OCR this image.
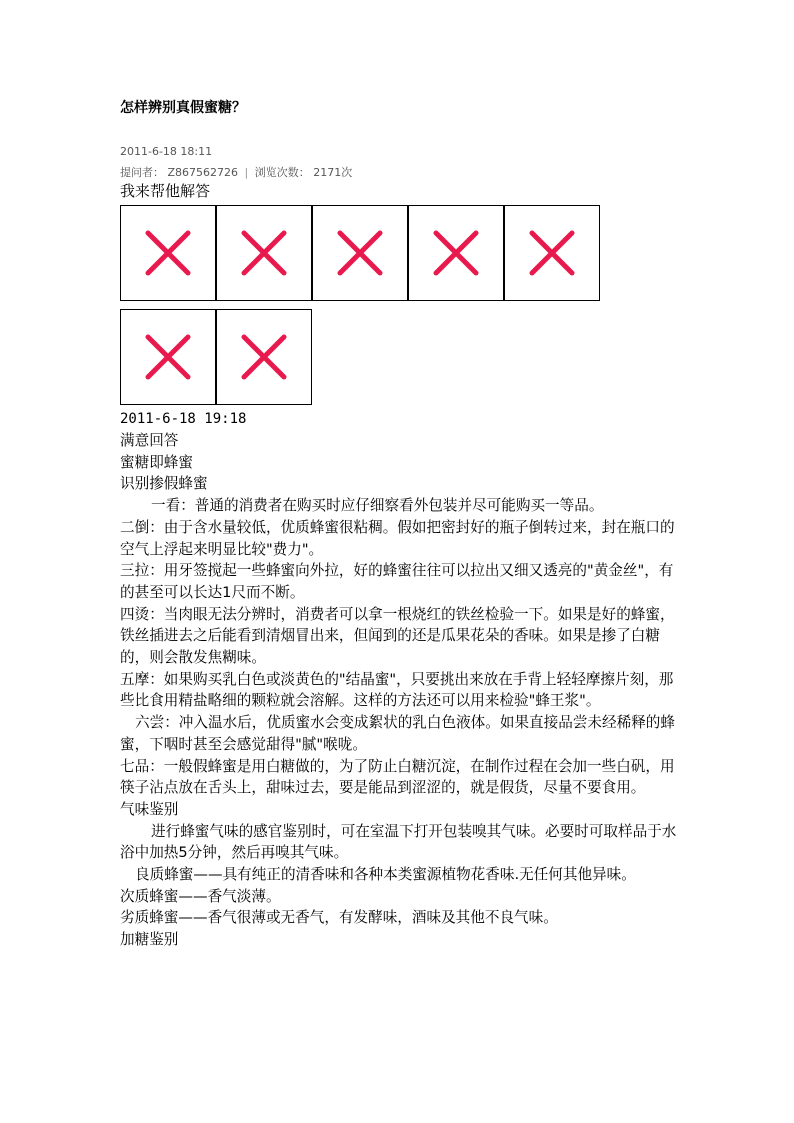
怎样辨别真假蜜糖？
2011-6-18 18:11
提问者： Z867562726 | 浏览次数： 2171次
我来帮他解答
2011-6-18 19:18

满意回答

蜜糖即蜂蜜

识别掺假蜂蜜

一看：普通的消费者在购买时应仔细察看外包装并尽可能购买一等品。

二倒：由于含水量较低，优质蜂蜜很粘稠。假如把密封好的瓶子倒转过来，封在瓶口的空气上浮起来明显比较"费力"。

三拉：用牙签搅起一些蜂蜜向外拉，好的蜂蜜往往可以拉出又细又透亮的"黄金丝"，有的甚至可以长达1尺而不断。

四烫：当肉眼无法分辨时，消费者可以拿一根烧红的铁丝检验一下。如果是好的蜂蜜，铁丝插进去之后能看到清烟冒出来，但闻到的还是瓜果花朵的香味。如果是掺了白糖的，则会散发焦糊味。

五摩：如果购买乳白色或淡黄色的"结晶蜜"，只要挑出来放在手背上轻轻摩擦片刻，那些比食用精盐略细的颗粒就会溶解。这样的方法还可以用来检验"蜂王浆"。

六尝：冲入温水后，优质蜜水会变成絮状的乳白色液体。如果直接品尝未经稀释的蜂蜜，下咽时甚至会感觉甜得"腻"喉咙。

七品：一般假蜂蜜是用白糖做的，为了防止白糖沉淀，在制作过程在会加一些白矾，用筷子沾点放在舌头上，甜味过去，要是能品到涩涩的，就是假货，尽量不要食用。

气味鉴别

进行蜂蜜气味的感官鉴别时，可在室温下打开包装嗅其气味。必要时可取样品于水浴中加热5分钟，然后再嗅其气味。

良质蜂蜜——具有纯正的清香味和各种本类蜜源植物花香味.无任何其他异味。

次质蜂蜜——香气淡薄。

劣质蜂蜜——香气很薄或无香气，有发酵味，酒味及其他不良气味。

加糖鉴别
